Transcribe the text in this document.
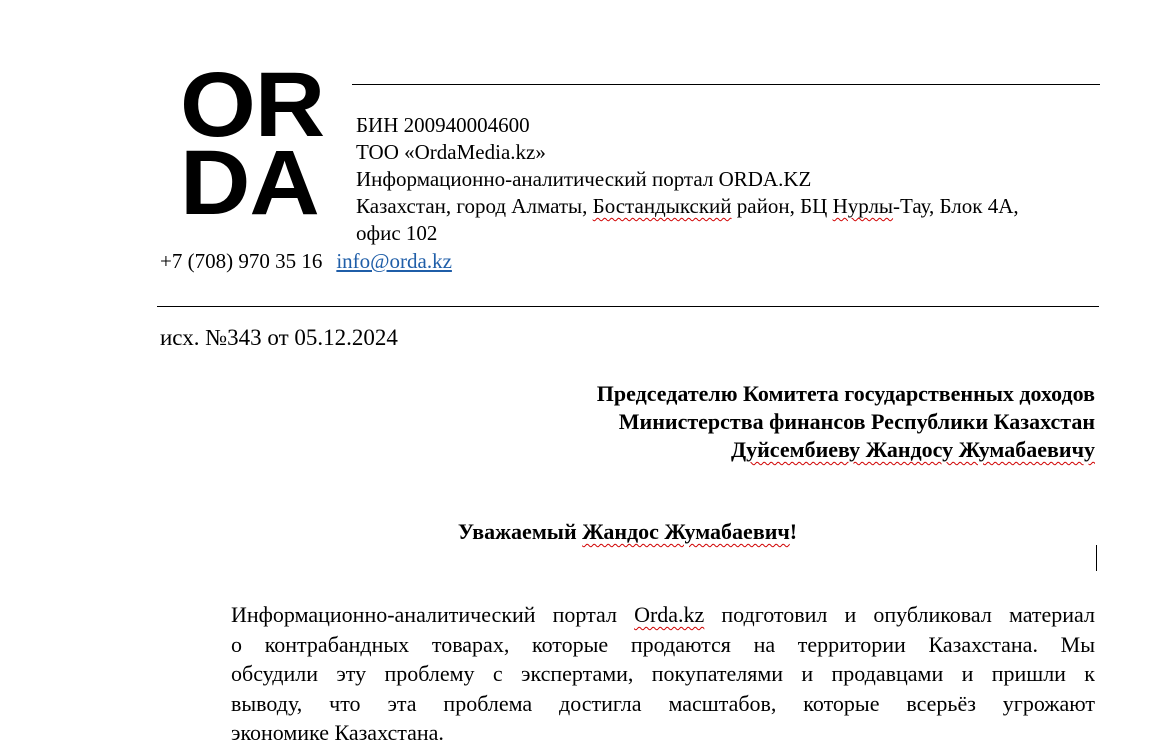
OR
DA
БИН 200940004600
ТОО «OrdaMedia.kz»
Информационно-аналитический портал ORDA.KZ
Казахстан, город Алматы, Бостандыкский район, БЦ Нурлы-Тау, Блок 4А,
офис 102
+7 (708) 970 35 16 info@orda.kz
исх. №343 от 05.12.2024
Председателю Комитета государственных доходов
Министерства финансов Республики Казахстан
Дуйсембиеву Жандосу Жумабаевичу
Уважаемый Жандос Жумабаевич!
Информационно-аналитический портал Orda.kz подготовил и опубликовал материал
о контрабандных товарах, которые продаются на территории Казахстана. Мы
обсудили эту проблему с экспертами, покупателями и продавцами и пришли к
выводу, что эта проблема достигла масштабов, которые всерьёз угрожают
экономике Казахстана.
